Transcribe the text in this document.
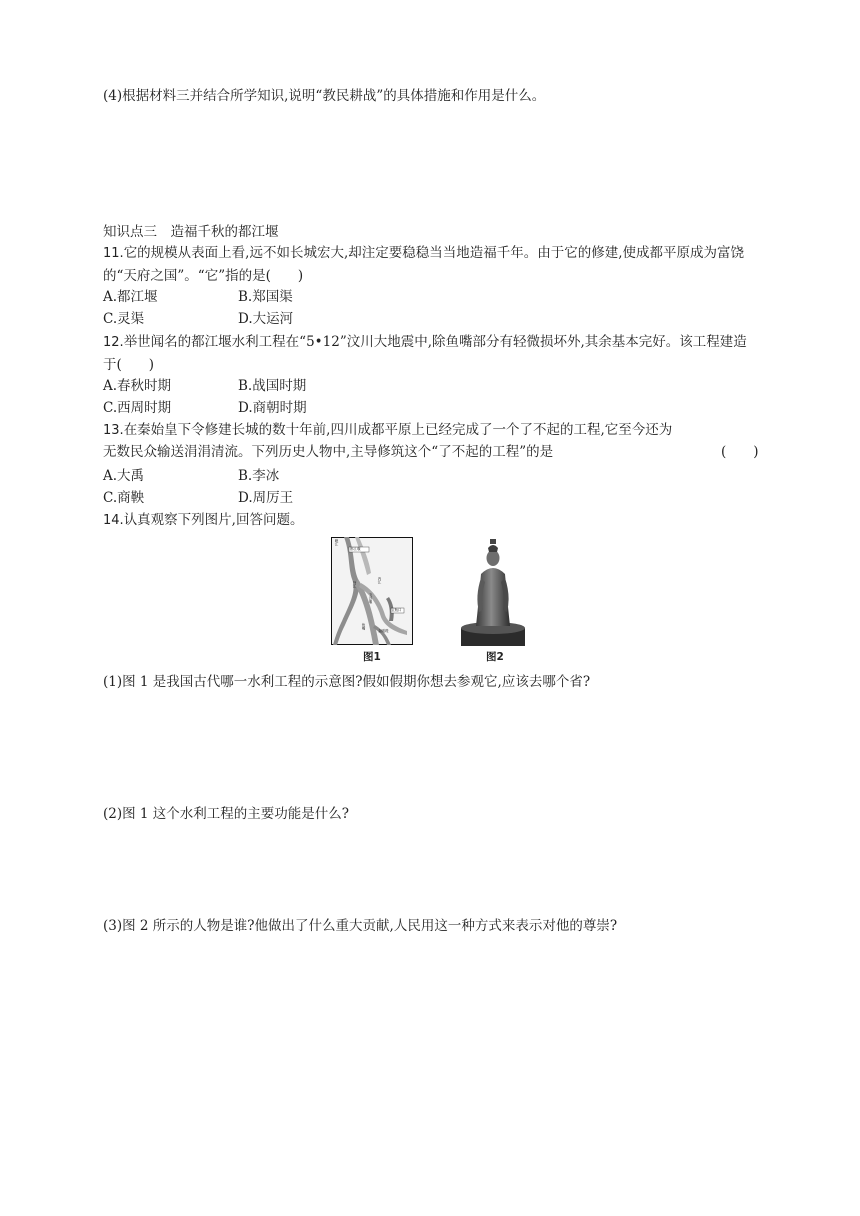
(4)根据材料三并结合所学知识,说明“教民耕战”的具体措施和作用是什么。
知识点三　造福千秋的都江堰
11.它的规模从表面上看,远不如长城宏大,却注定要稳稳当当地造福千年。由于它的修建,使成都平原成为富饶的“天府之国”。“它”指的是(　　)
A.都江堰	B.郑国渠
C.灵渠	D.大运河
12.举世闻名的都江堰水利工程在“5•12”汶川大地震中,除鱼嘴部分有轻微损坏外,其余基本完好。该工程建造于(　　)
A.春秋时期	B.战国时期
C.西周时期	D.商朝时期
13.在秦始皇下令修建长城的数十年前,四川成都平原上已经完成了一个了不起的工程,它至今还为
无数民众输送涓涓清流。下列历史人物中,主导修筑这个“了不起的工程”的是	(　　)
A.大禹	B.李冰
C.商鞅	D.周厉王
14.认真观察下列图片,回答问题。
岷江
都江堰
外江
内江
宝瓶口
飞沙堰
鱼嘴
金刚堤
图1	图2
(1)图 1 是我国古代哪一水利工程的示意图?假如假期你想去参观它,应该去哪个省?
(2)图 1 这个水利工程的主要功能是什么?
(3)图 2 所示的人物是谁?他做出了什么重大贡献,人民用这一种方式来表示对他的尊崇?
